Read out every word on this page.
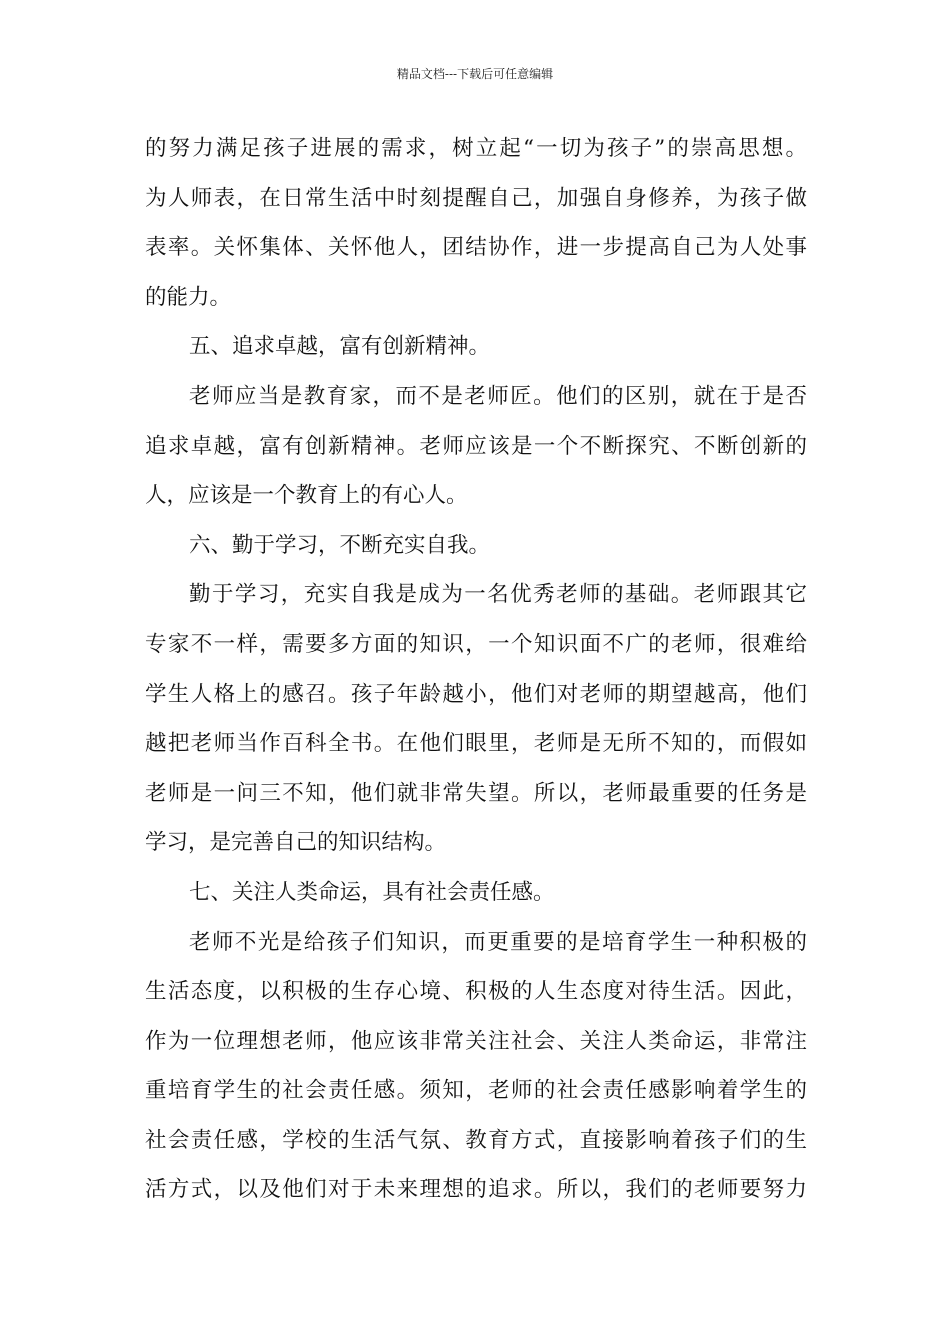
精品文档---下载后可任意编辑
的努力满足孩子进展的需求，树立起“一切为孩子”的崇高思想。
为人师表，在日常生活中时刻提醒自己，加强自身修养，为孩子做
表率。关怀集体、关怀他人，团结协作，进一步提高自己为人处事
的能力。
五、追求卓越，富有创新精神。
老师应当是教育家，而不是老师匠。他们的区别，就在于是否
追求卓越，富有创新精神。老师应该是一个不断探究、不断创新的
人，应该是一个教育上的有心人。
六、勤于学习，不断充实自我。
勤于学习，充实自我是成为一名优秀老师的基础。老师跟其它
专家不一样，需要多方面的知识，一个知识面不广的老师，很难给
学生人格上的感召。孩子年龄越小，他们对老师的期望越高，他们
越把老师当作百科全书。在他们眼里，老师是无所不知的，而假如
老师是一问三不知，他们就非常失望。所以，老师最重要的任务是
学习，是完善自己的知识结构。
七、关注人类命运，具有社会责任感。
老师不光是给孩子们知识，而更重要的是培育学生一种积极的
生活态度，以积极的生存心境、积极的人生态度对待生活。因此，
作为一位理想老师，他应该非常关注社会、关注人类命运，非常注
重培育学生的社会责任感。须知，老师的社会责任感影响着学生的
社会责任感，学校的生活气氛、教育方式，直接影响着孩子们的生
活方式，以及他们对于未来理想的追求。所以，我们的老师要努力
